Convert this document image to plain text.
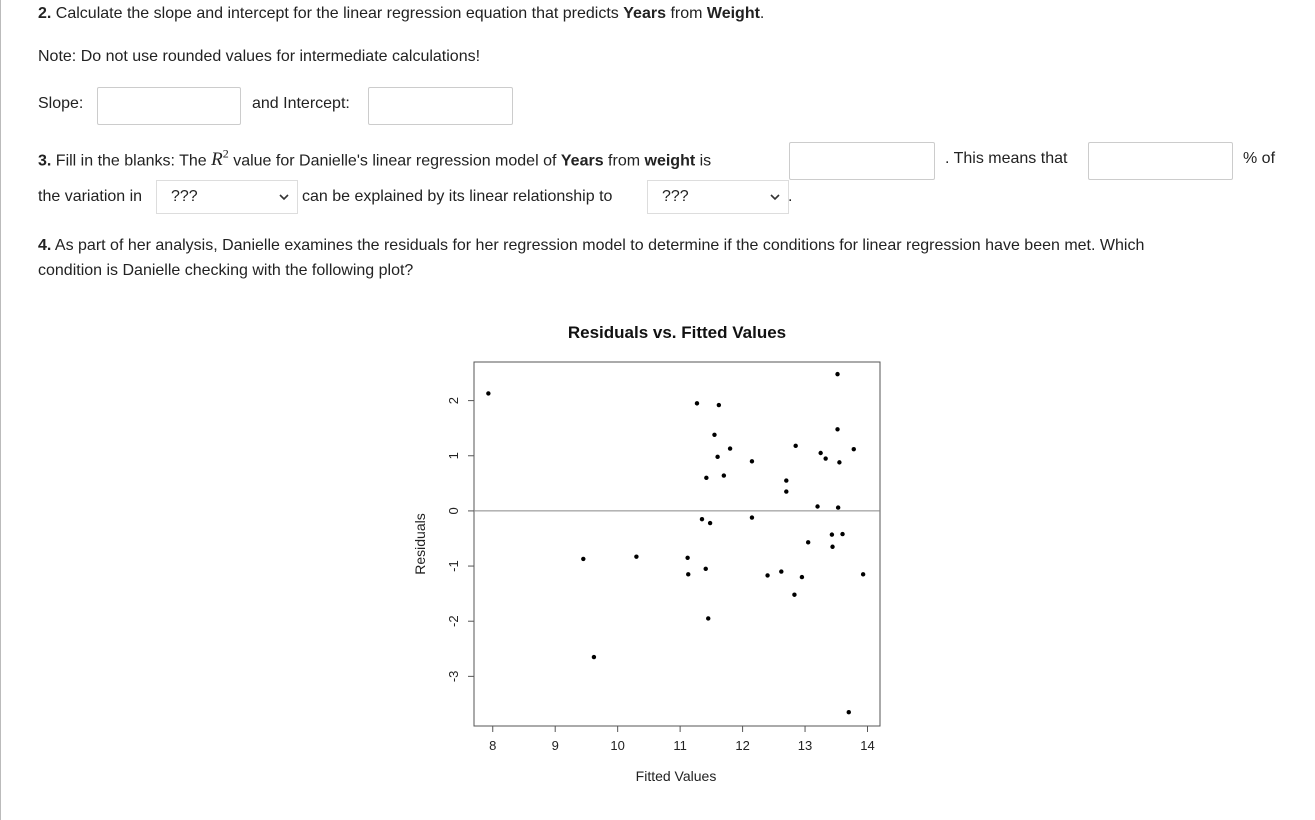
2. Calculate the slope and intercept for the linear regression equation that predicts Years from Weight.
Note: Do not use rounded values for intermediate calculations!
Slope:	and Intercept:
3. Fill in the blanks: The $R^2$ value for Danielle's linear regression model of Years from weight is	. This means that	% of
the variation in ???	can be explained by its linear relationship to	???	.
4. As part of her analysis, Danielle examines the residuals for her regression model to determine if the conditions for linear regression have been met. Which
condition is Danielle checking with the following plot?
Residuals vs. Fitted Values
8	9	10	11	12	13	14
-3
-2
-1
0
1
2
Fitted Values
Residuals
